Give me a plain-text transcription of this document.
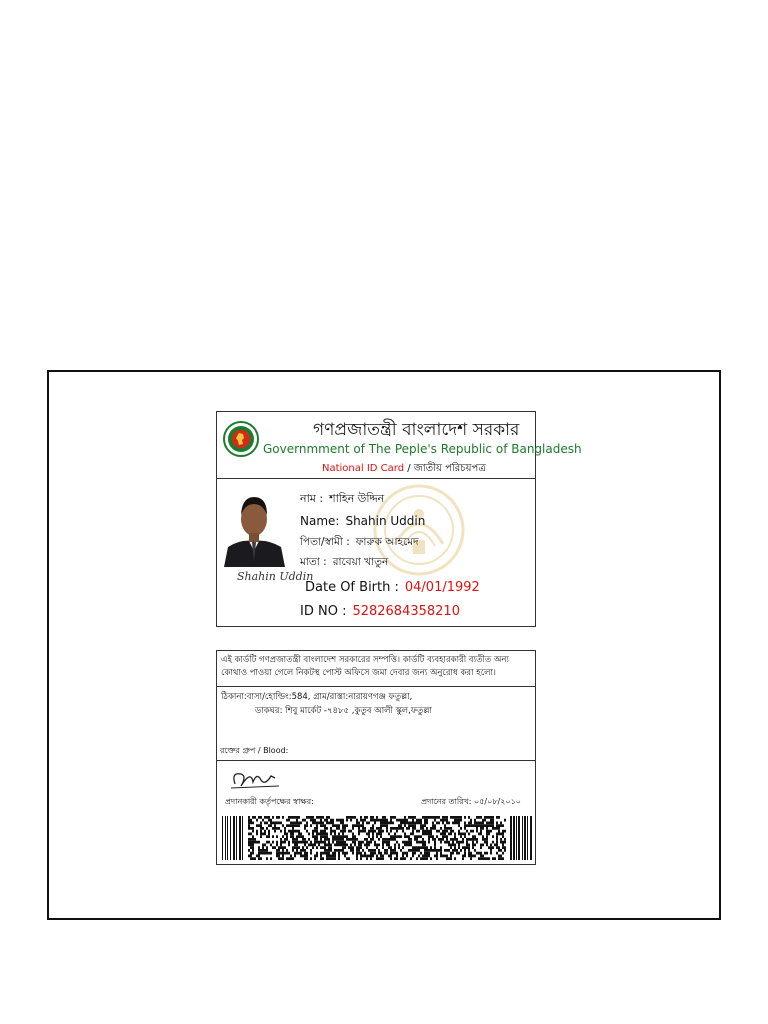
গণপ্রজাতন্ত্রী বাংলাদেশ সরকার
Governmment of The Peple's Republic of Bangladesh
National ID Card / জাতীয় পরিচয়পত্র
Shahin Uddin
নাম : শাহিন উদ্দিন
Name: Shahin Uddin
পিতা/স্বামী : ফারুক আহমেদ
মাতা : রাবেয়া খাতুন
Date Of Birth : 04/01/1992
ID NO : 5282684358210
এই কার্ডটি গণপ্রজাতন্ত্রী বাংলাদেশ সরকারের সম্পত্তি। কার্ডটি ব্যবহারকারী ব্যতীত অন্য
কোথাও পাওয়া গেলে নিকটস্থ পোস্ট অফিসে জমা দেবার জন্য অনুরোধ করা হলো।
ঠিকানা:বাসা/হোল্ডিং:584, গ্রাম/রাস্তা:নারায়ণগঞ্জ ফতুল্লা,
ডাকঘর: শিবু মার্কেট -৭৪৮৫ ,কুতুব আলী স্কুল,ফতুল্লা
রক্তের গ্রুপ / Blood:
প্রদানকারী কর্তৃপক্ষের স্বাক্ষর:	প্রদানের তারিখ: ০৫/০৮/২০১০
